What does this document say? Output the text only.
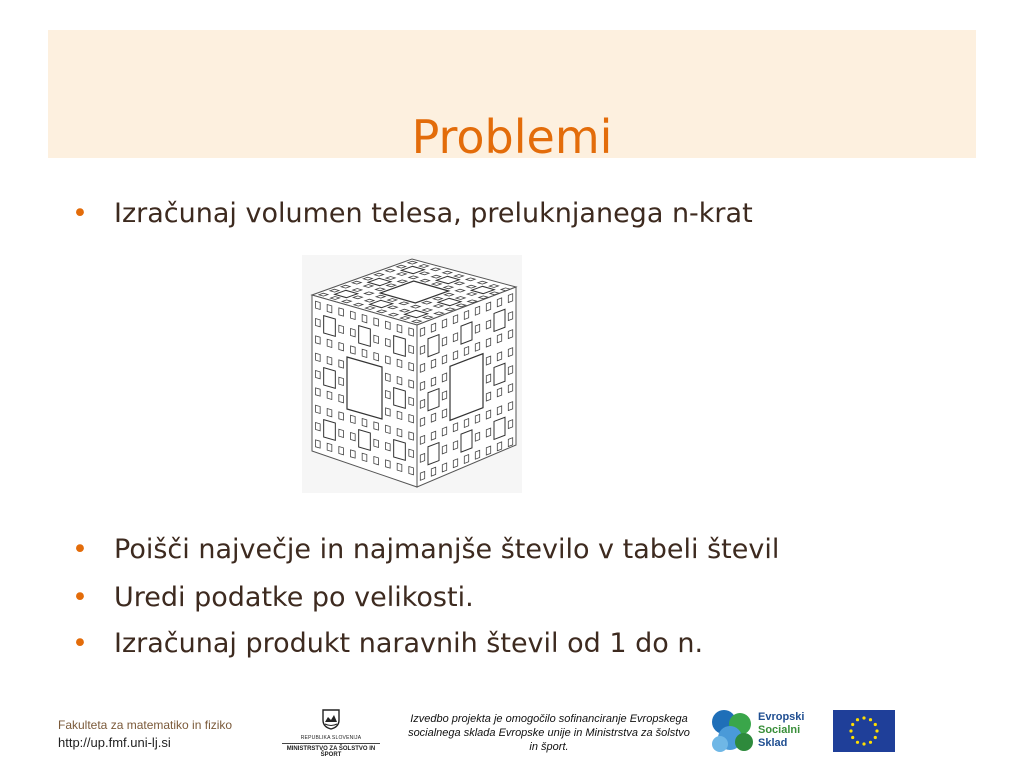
Problemi
• Izračunaj volumen telesa, preluknjanega n-krat
• Poišči največje in najmanjše število v tabeli števil
• Uredi podatke po velikosti.
• Izračunaj produkt naravnih števil od 1 do n.
Fakulteta za matematiko in fiziko
http://up.fmf.uni-lj.si	REPUBLIKA SLOVENIJA
MINISTRSTVO ZA ŠOLSTVO IN ŠPORT
Izvedbo projekta je omogočilo sofinanciranje Evropskega socialnega sklada Evropske unije in Ministrstva za šolstvo in šport.
Evropski
Socialni
Sklad
